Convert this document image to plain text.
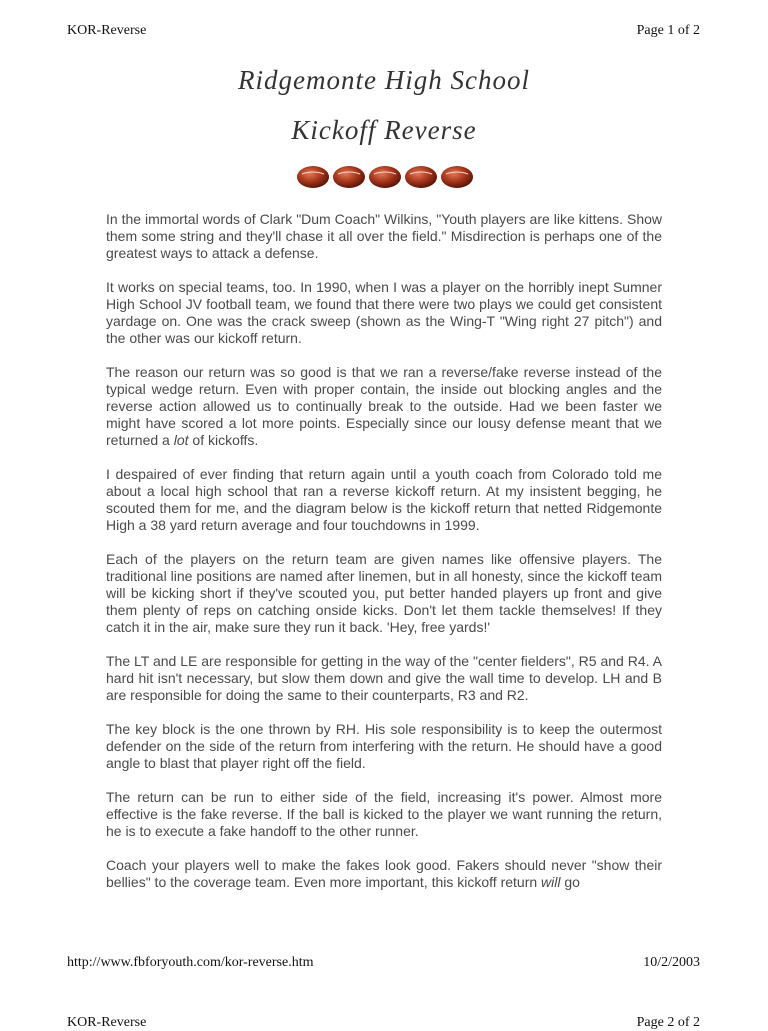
KOR-Reverse	Page 1 of 2
Ridgemonte High School
Kickoff Reverse

In the immortal words of Clark "Dum Coach" Wilkins, "Youth players are like kittens. Show them some string and they'll chase it all over the field." Misdirection is perhaps one of the greatest ways to attack a defense.

It works on special teams, too. In 1990, when I was a player on the horribly inept Sumner High School JV football team, we found that there were two plays we could get consistent yardage on. One was the crack sweep (shown as the Wing-T "Wing right 27 pitch") and the other was our kickoff return.

The reason our return was so good is that we ran a reverse/fake reverse instead of the typical wedge return. Even with proper contain, the inside out blocking angles and the reverse action allowed us to continually break to the outside. Had we been faster we might have scored a lot more points. Especially since our lousy defense meant that we returned a lot of kickoffs.

I despaired of ever finding that return again until a youth coach from Colorado told me about a local high school that ran a reverse kickoff return. At my insistent begging, he scouted them for me, and the diagram below is the kickoff return that netted Ridgemonte High a 38 yard return average and four touchdowns in 1999.

Each of the players on the return team are given names like offensive players. The traditional line positions are named after linemen, but in all honesty, since the kickoff team will be kicking short if they've scouted you, put better handed players up front and give them plenty of reps on catching onside kicks. Don't let them tackle themselves! If they catch it in the air, make sure they run it back. 'Hey, free yards!'

The LT and LE are responsible for getting in the way of the "center fielders", R5 and R4. A hard hit isn't necessary, but slow them down and give the wall time to develop. LH and B are responsible for doing the same to their counterparts, R3 and R2.

The key block is the one thrown by RH. His sole responsibility is to keep the outermost defender on the side of the return from interfering with the return. He should have a good angle to blast that player right off the field.

The return can be run to either side of the field, increasing it's power. Almost more effective is the fake reverse. If the ball is kicked to the player we want running the return, he is to execute a fake handoff to the other runner.

Coach your players well to make the fakes look good. Fakers should never "show their bellies" to the coverage team. Even more important, this kickoff return will go

http://www.fbforyouth.com/kor-reverse.htm	10/2/2003
KOR-Reverse	Page 2 of 2
